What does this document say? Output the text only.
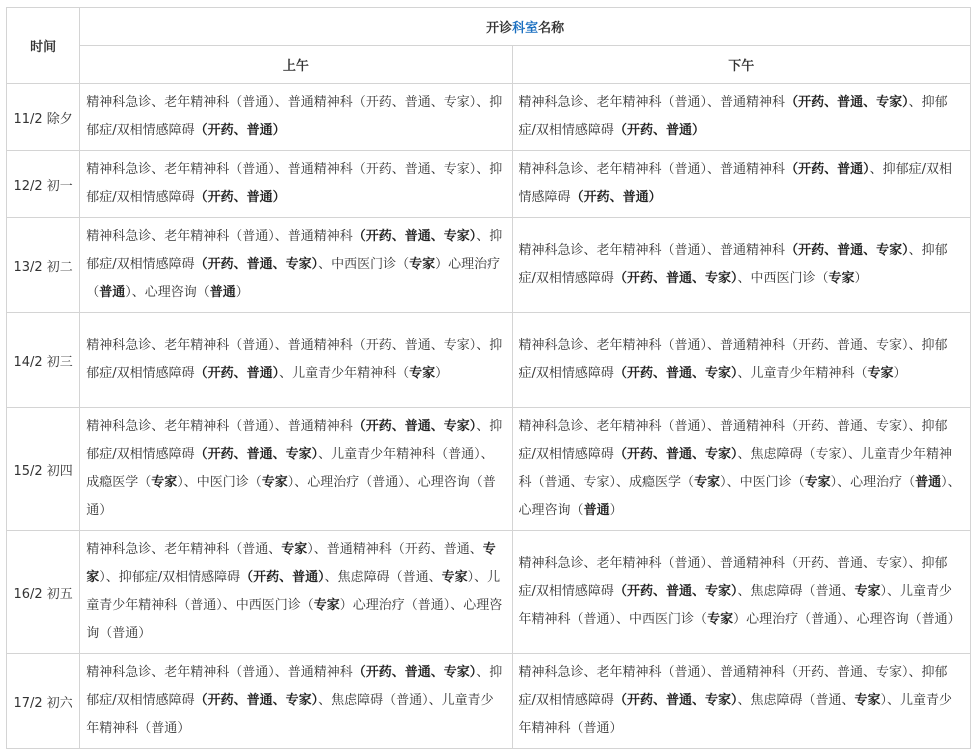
时间	开诊科室名称	
	上午	下午
11/2 除夕	精神科急诊、老年精神科（普通）、普通精神科（开药、普通、专家）、抑郁症/双相情感障碍（开药、普通）	精神科急诊、老年精神科（普通）、普通精神科（开药、普通、专家）、抑郁症/双相情感障碍（开药、普通）
12/2 初一	精神科急诊、老年精神科（普通）、普通精神科（开药、普通、专家）、抑郁症/双相情感障碍（开药、普通）	精神科急诊、老年精神科（普通）、普通精神科（开药、普通）、抑郁症/双相情感障碍（开药、普通）
13/2 初二	精神科急诊、老年精神科（普通）、普通精神科（开药、普通、专家）、抑郁症/双相情感障碍（开药、普通、专家）、中西医门诊（专家）心理治疗（普通）、心理咨询（普通）	精神科急诊、老年精神科（普通）、普通精神科（开药、普通、专家）、抑郁症/双相情感障碍（开药、普通、专家）、中西医门诊（专家）
14/2 初三	精神科急诊、老年精神科（普通）、普通精神科（开药、普通、专家）、抑郁症/双相情感障碍（开药、普通）、儿童青少年精神科（专家）	精神科急诊、老年精神科（普通）、普通精神科（开药、普通、专家）、抑郁症/双相情感障碍（开药、普通、专家）、儿童青少年精神科（专家）
15/2 初四	精神科急诊、老年精神科（普通）、普通精神科（开药、普通、专家）、抑郁症/双相情感障碍（开药、普通、专家）、儿童青少年精神科（普通）、成瘾医学（专家）、中医门诊（专家）、心理治疗（普通）、心理咨询（普通）	精神科急诊、老年精神科（普通）、普通精神科（开药、普通、专家）、抑郁症/双相情感障碍（开药、普通、专家）、焦虑障碍（专家）、儿童青少年精神科（普通、专家）、成瘾医学（专家）、中医门诊（专家）、心理治疗（普通）、心理咨询（普通）
16/2 初五	精神科急诊、老年精神科（普通、专家）、普通精神科（开药、普通、专家）、抑郁症/双相情感障碍（开药、普通）、焦虑障碍（普通、专家）、儿童青少年精神科（普通）、中西医门诊（专家）心理治疗（普通）、心理咨询（普通）	精神科急诊、老年精神科（普通）、普通精神科（开药、普通、专家）、抑郁症/双相情感障碍（开药、普通、专家）、焦虑障碍（普通、专家）、儿童青少年精神科（普通）、中西医门诊（专家）心理治疗（普通）、心理咨询（普通）
17/2 初六	精神科急诊、老年精神科（普通）、普通精神科（开药、普通、专家）、抑郁症/双相情感障碍（开药、普通、专家）、焦虑障碍（普通）、儿童青少年精神科（普通）	精神科急诊、老年精神科（普通）、普通精神科（开药、普通、专家）、抑郁症/双相情感障碍（开药、普通、专家）、焦虑障碍（普通、专家）、儿童青少年精神科（普通）
